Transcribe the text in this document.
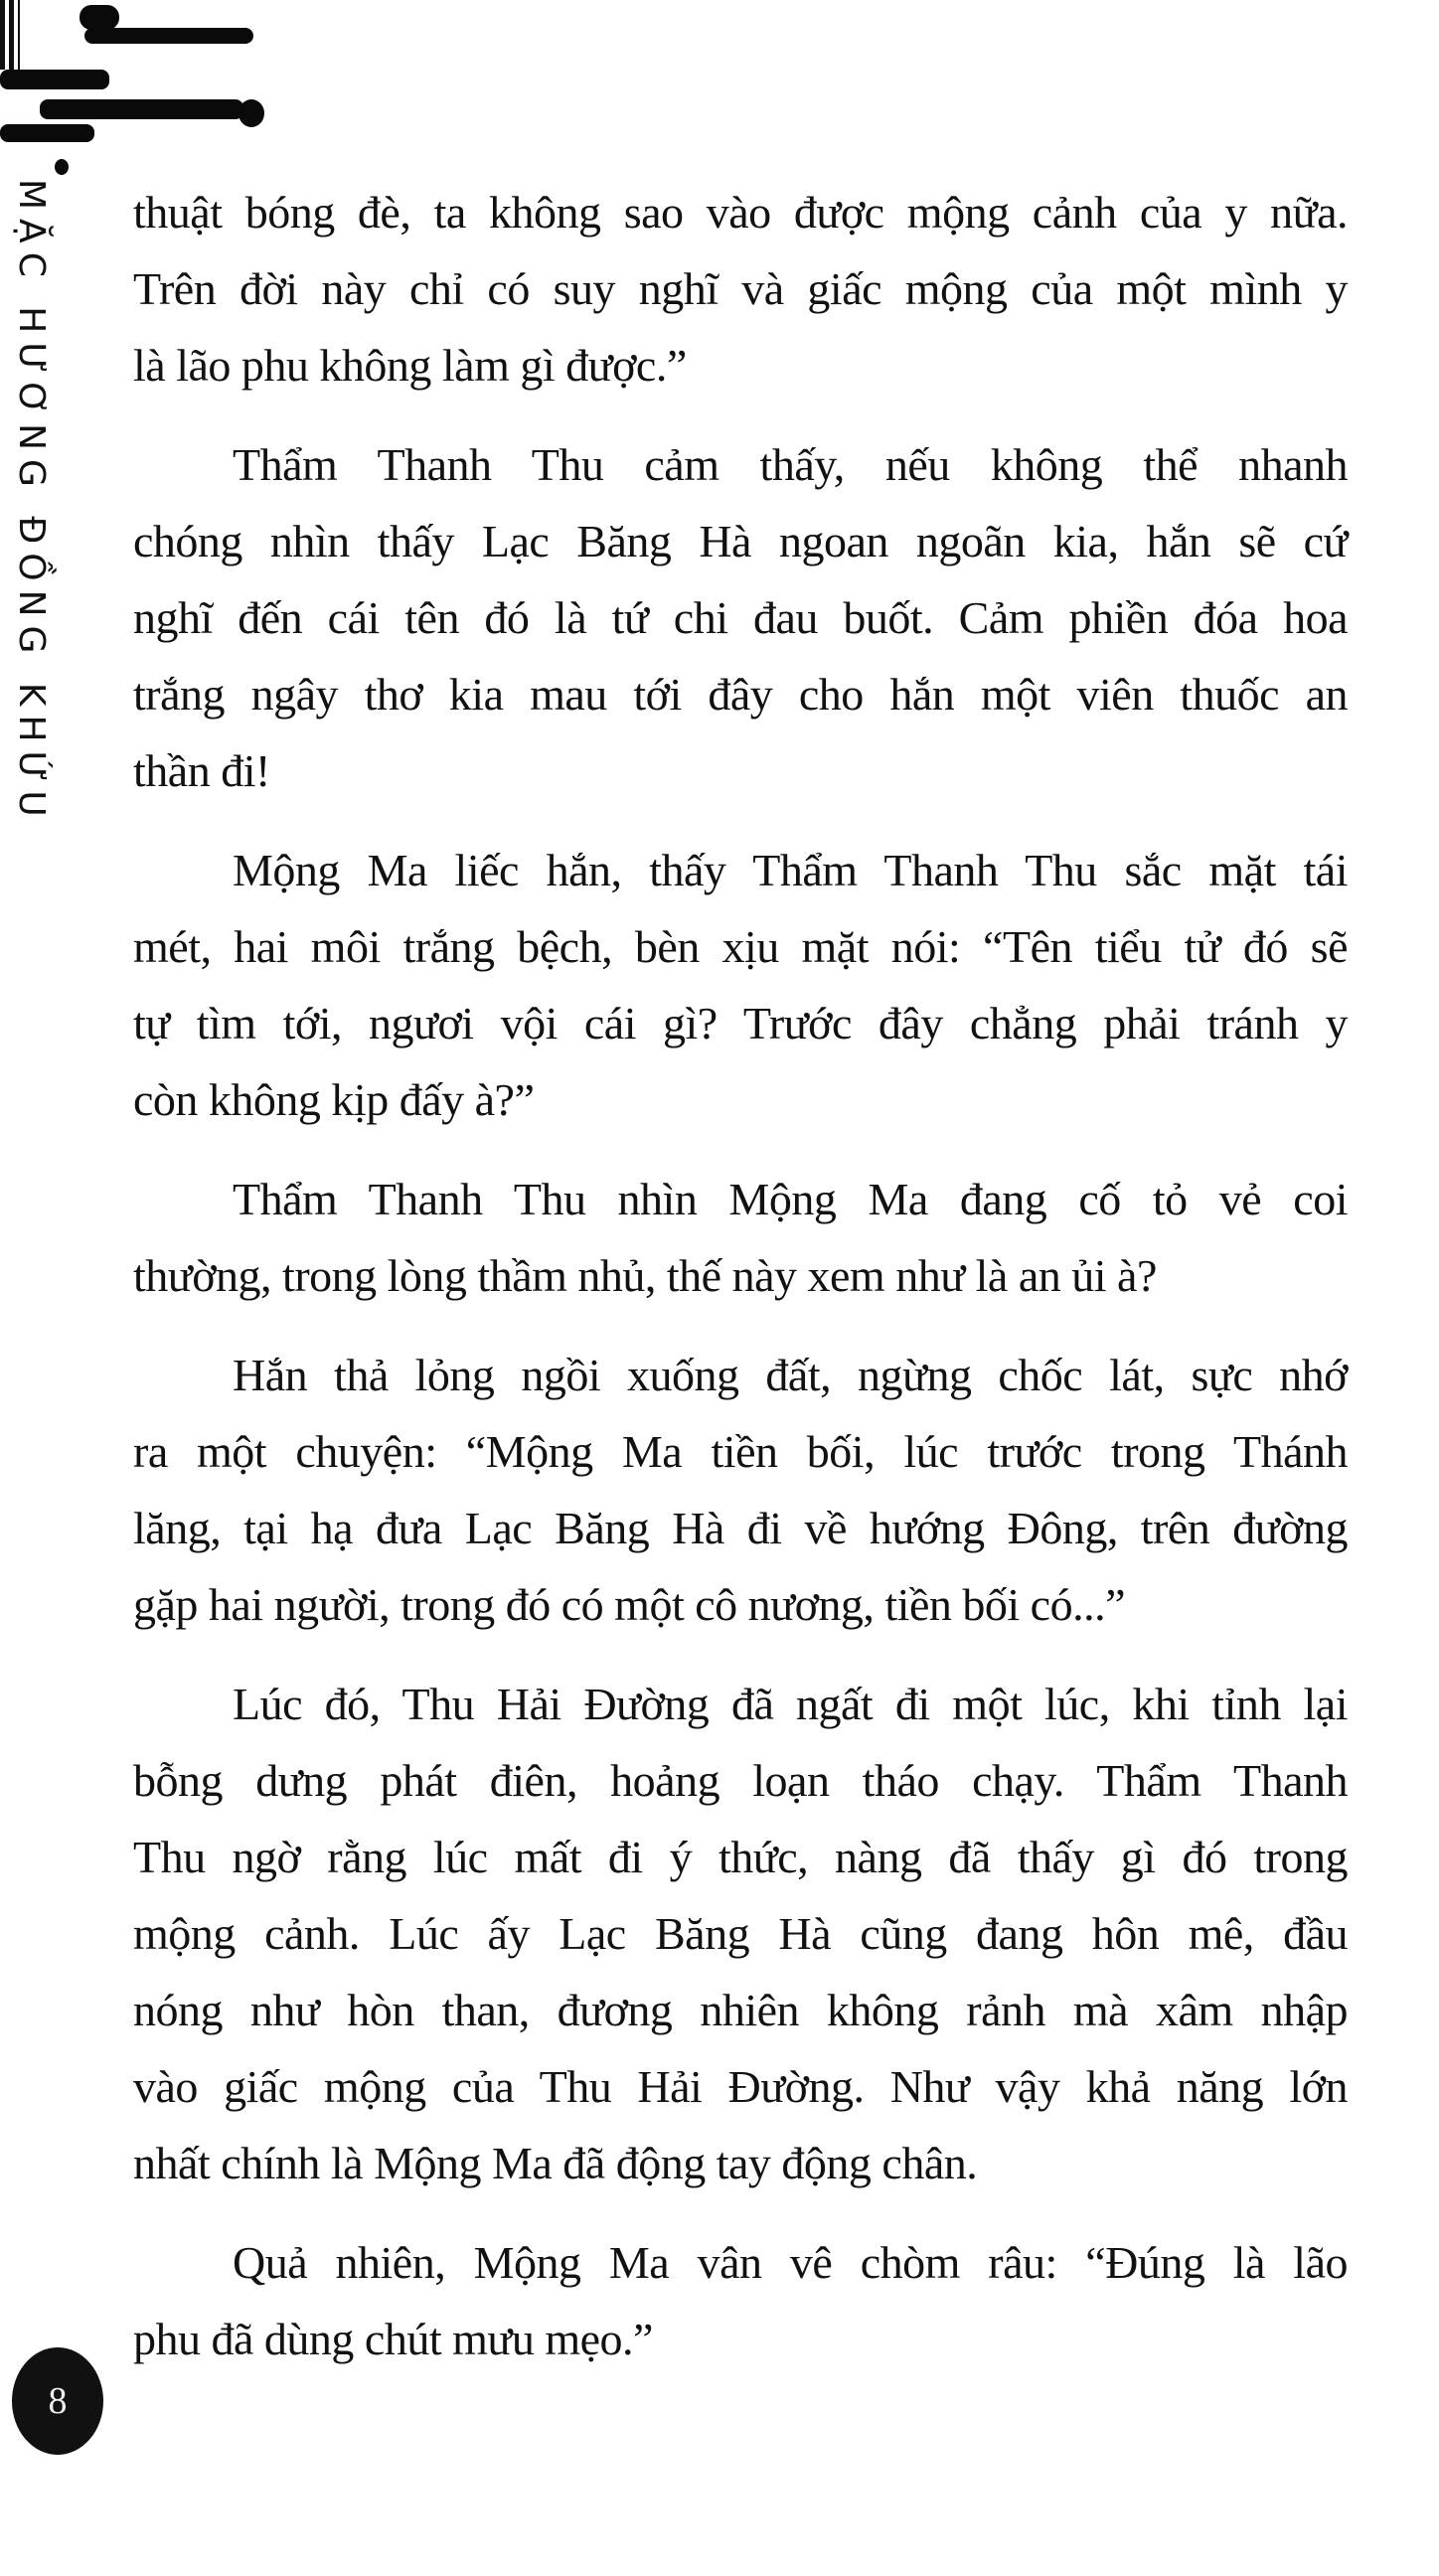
MẶC HƯƠNG ĐỒNG KHỨU thuật bóng đè, ta không sao vào được mộng cảnh của y nữa.
Trên đời này chỉ có suy nghĩ và giấc mộng của một mình y
là lão phu không làm gì được.”
Thẩm Thanh Thu cảm thấy, nếu không thể nhanh
chóng nhìn thấy Lạc Băng Hà ngoan ngoãn kia, hắn sẽ cứ
nghĩ đến cái tên đó là tứ chi đau buốt. Cảm phiền đóa hoa
trắng ngây thơ kia mau tới đây cho hắn một viên thuốc an
thần đi!
Mộng Ma liếc hắn, thấy Thẩm Thanh Thu sắc mặt tái
mét, hai môi trắng bệch, bèn xịu mặt nói: “Tên tiểu tử đó sẽ
tự tìm tới, ngươi vội cái gì? Trước đây chẳng phải tránh y
còn không kịp đấy à?”
Thẩm Thanh Thu nhìn Mộng Ma đang cố tỏ vẻ coi
thường, trong lòng thầm nhủ, thế này xem như là an ủi à?
Hắn thả lỏng ngồi xuống đất, ngừng chốc lát, sực nhớ
ra một chuyện: “Mộng Ma tiền bối, lúc trước trong Thánh
lăng, tại hạ đưa Lạc Băng Hà đi về hướng Đông, trên đường
gặp hai người, trong đó có một cô nương, tiền bối có...”
Lúc đó, Thu Hải Đường đã ngất đi một lúc, khi tỉnh lại
bỗng dưng phát điên, hoảng loạn tháo chạy. Thẩm Thanh
Thu ngờ rằng lúc mất đi ý thức, nàng đã thấy gì đó trong
mộng cảnh. Lúc ấy Lạc Băng Hà cũng đang hôn mê, đầu
nóng như hòn than, đương nhiên không rảnh mà xâm nhập
vào giấc mộng của Thu Hải Đường. Như vậy khả năng lớn
nhất chính là Mộng Ma đã động tay động chân.
Quả nhiên, Mộng Ma vân vê chòm râu: “Đúng là lão
phu đã dùng chút mưu mẹo.”
8
